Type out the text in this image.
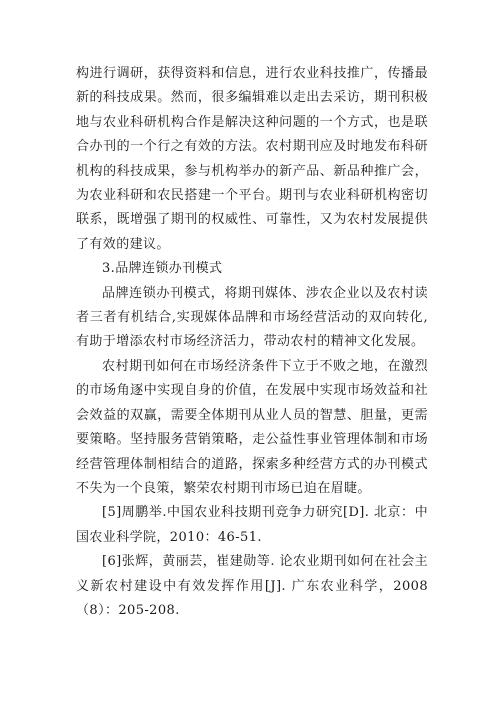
构进行调研，获得资料和信息，进行农业科技推广，传播最新的科技成果。然而，很多编辑难以走出去采访，期刊积极地与农业科研机构合作是解决这种问题的一个方式，也是联合办刊的一个行之有效的方法。农村期刊应及时地发布科研机构的科技成果，参与机构举办的新产品、新品种推广会，为农业科研和农民搭建一个平台。期刊与农业科研机构密切联系，既增强了期刊的权威性、可靠性，又为农村发展提供了有效的建议。

3.品牌连锁办刊模式

品牌连锁办刊模式，将期刊媒体、涉农企业以及农村读者三者有机结合,实现媒体品牌和市场经营活动的双向转化,有助于增添农村市场经济活力，带动农村的精神文化发展。

农村期刊如何在市场经济条件下立于不败之地，在激烈的市场角逐中实现自身的价值，在发展中实现市场效益和社会效益的双赢，需要全体期刊从业人员的智慧、胆量，更需要策略。坚持服务营销策略，走公益性事业管理体制和市场经营管理体制相结合的道路，探索多种经营方式的办刊模式不失为一个良策，繁荣农村期刊市场已迫在眉睫。

[5]周鹏举.中国农业科技期刊竞争力研究[D]. 北京：中国农业科学院，2010：46-51.

[6]张辉，黄丽芸，崔建勋等. 论农业期刊如何在社会主义新农村建设中有效发挥作用[J]. 广东农业科学，2008（8）：205-208.
